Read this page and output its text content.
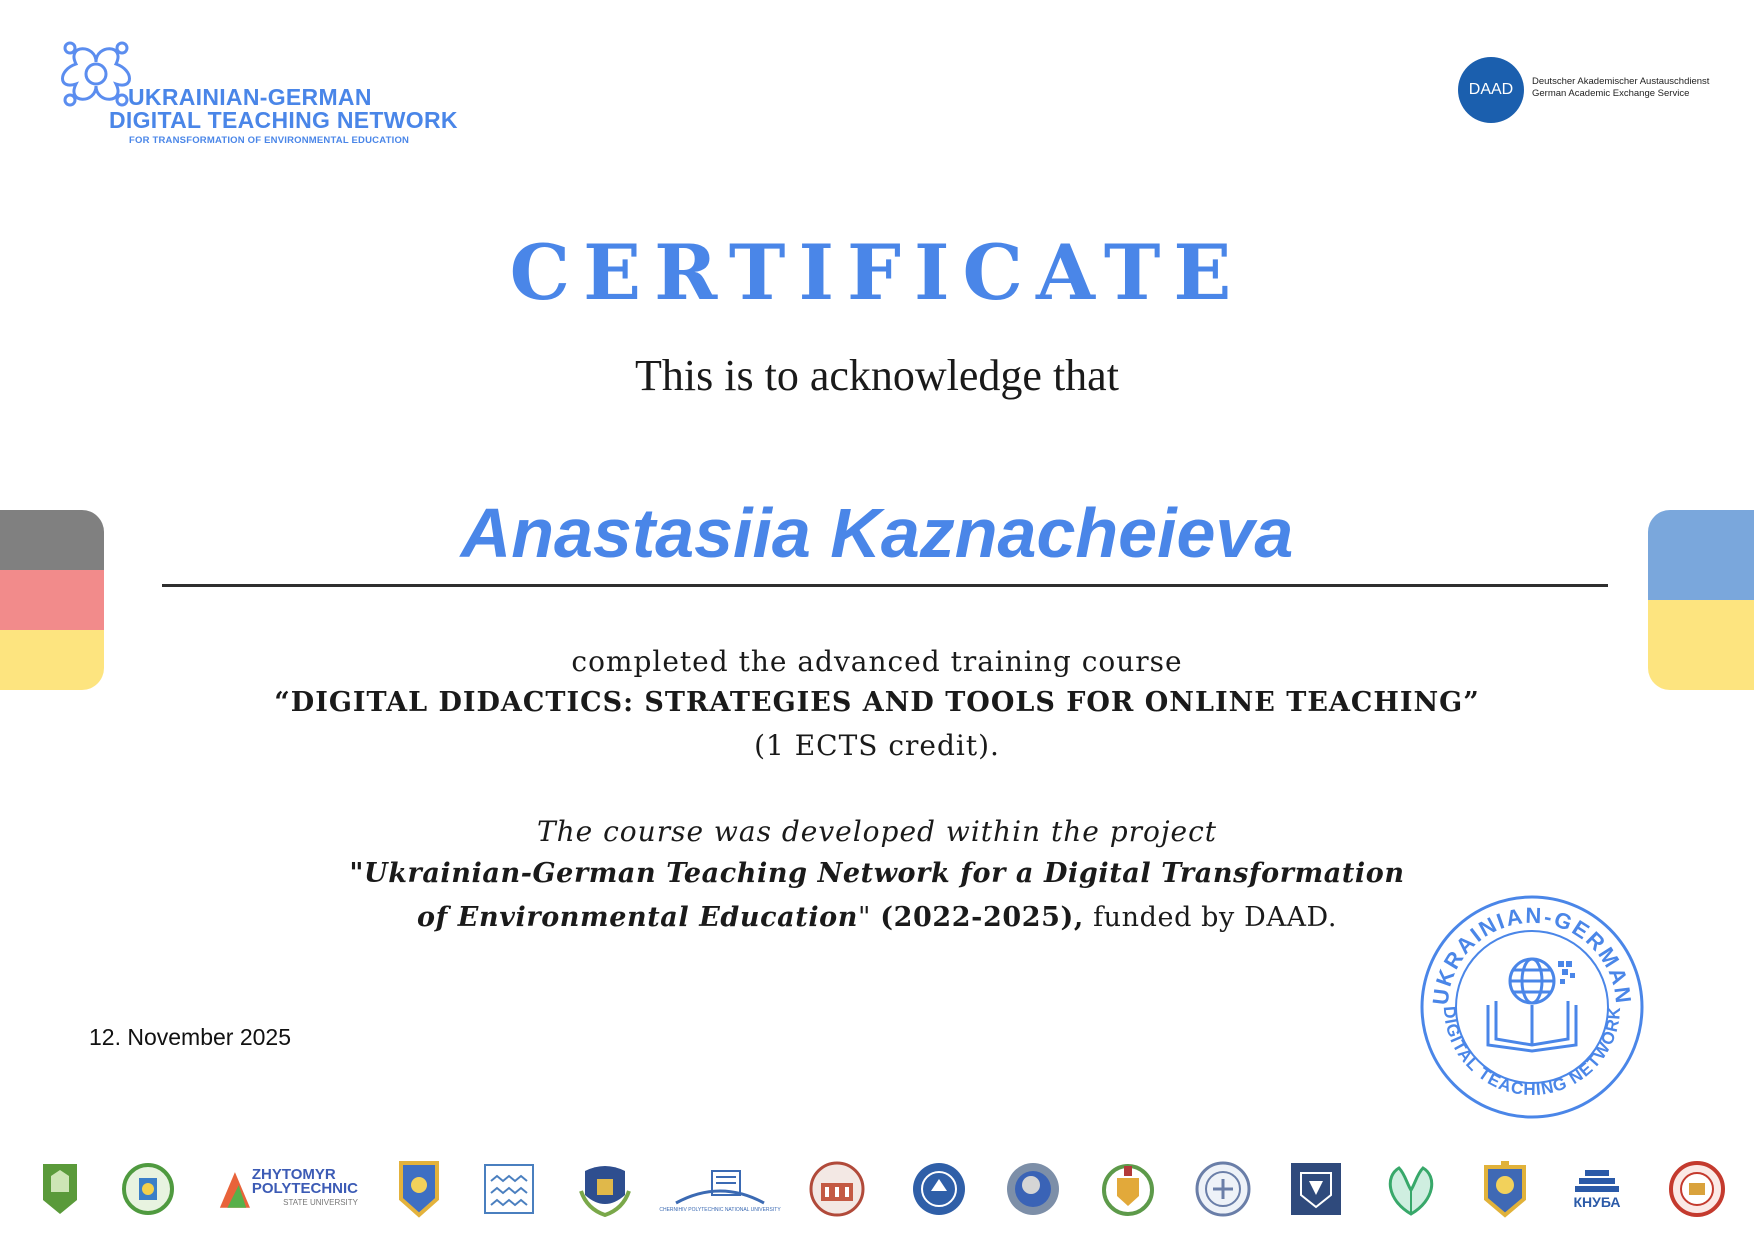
UKRAINIAN-GERMAN
DIGITAL TEACHING NETWORK
FOR TRANSFORMATION OF ENVIRONMENTAL EDUCATION
DAAD	Deutscher Akademischer Austauschdienst
German Academic Exchange Service
CERTIFICATE
This is to acknowledge that
Anastasiia Kaznacheieva
completed the advanced training course
“DIGITAL DIDACTICS: STRATEGIES AND TOOLS FOR ONLINE TEACHING”
(1 ECTS credit).
The course was developed within the project
"Ukrainian-German Teaching Network for a Digital Transformation
of Environmental Education" (2022-2025), funded by DAAD.
12. November 2025
UKRAINIAN-GERMAN
DIGITAL TEACHING NETWORK
ZHYTOMYR
POLYTECHNIC
STATE UNIVERSITY
CHERNIHIV POLYTECHNIC NATIONAL UNIVERSITY	КНУБА
